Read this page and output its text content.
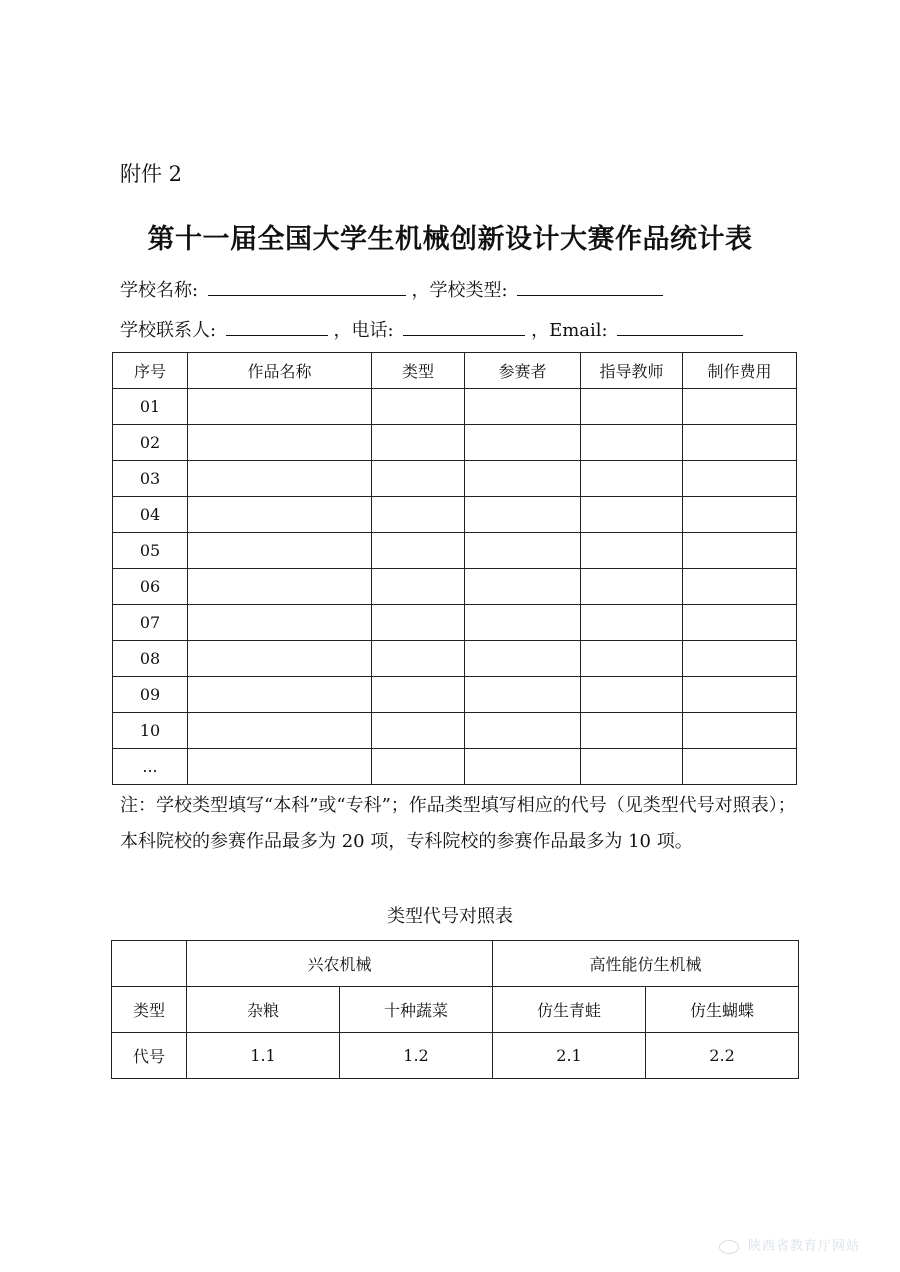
附件 2
第十一届全国大学生机械创新设计大赛作品统计表
学校名称:	，学校类型:
学校联系人:	，电话:	，Email:
序号	作品名称	类型	参赛者	指导教师	制作费用
01					
02					
03					
04					
05					
06					
07					
08					
09					
10					
...					
注：学校类型填写“本科”或“专科”；作品类型填写相应的代号（见类型代号对照表）；本科院校的参赛作品最多为 20 项，专科院校的参赛作品最多为 10 项。
类型代号对照表
	兴农机械		高性能仿生机械	
类型	杂粮	十种蔬菜	仿生青蛙	仿生蝴蝶
代号	1.1	1.2	2.1	2.2
陕西省教育厅网站
